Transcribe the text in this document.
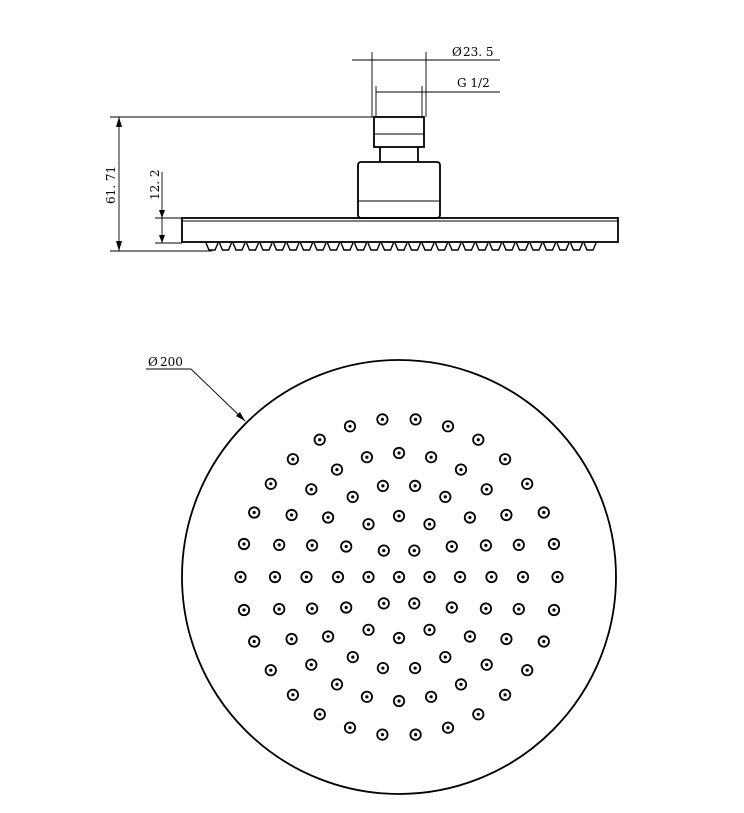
Ø 23. 5
G 1/2
61. 71	12. 2
Ø 200
